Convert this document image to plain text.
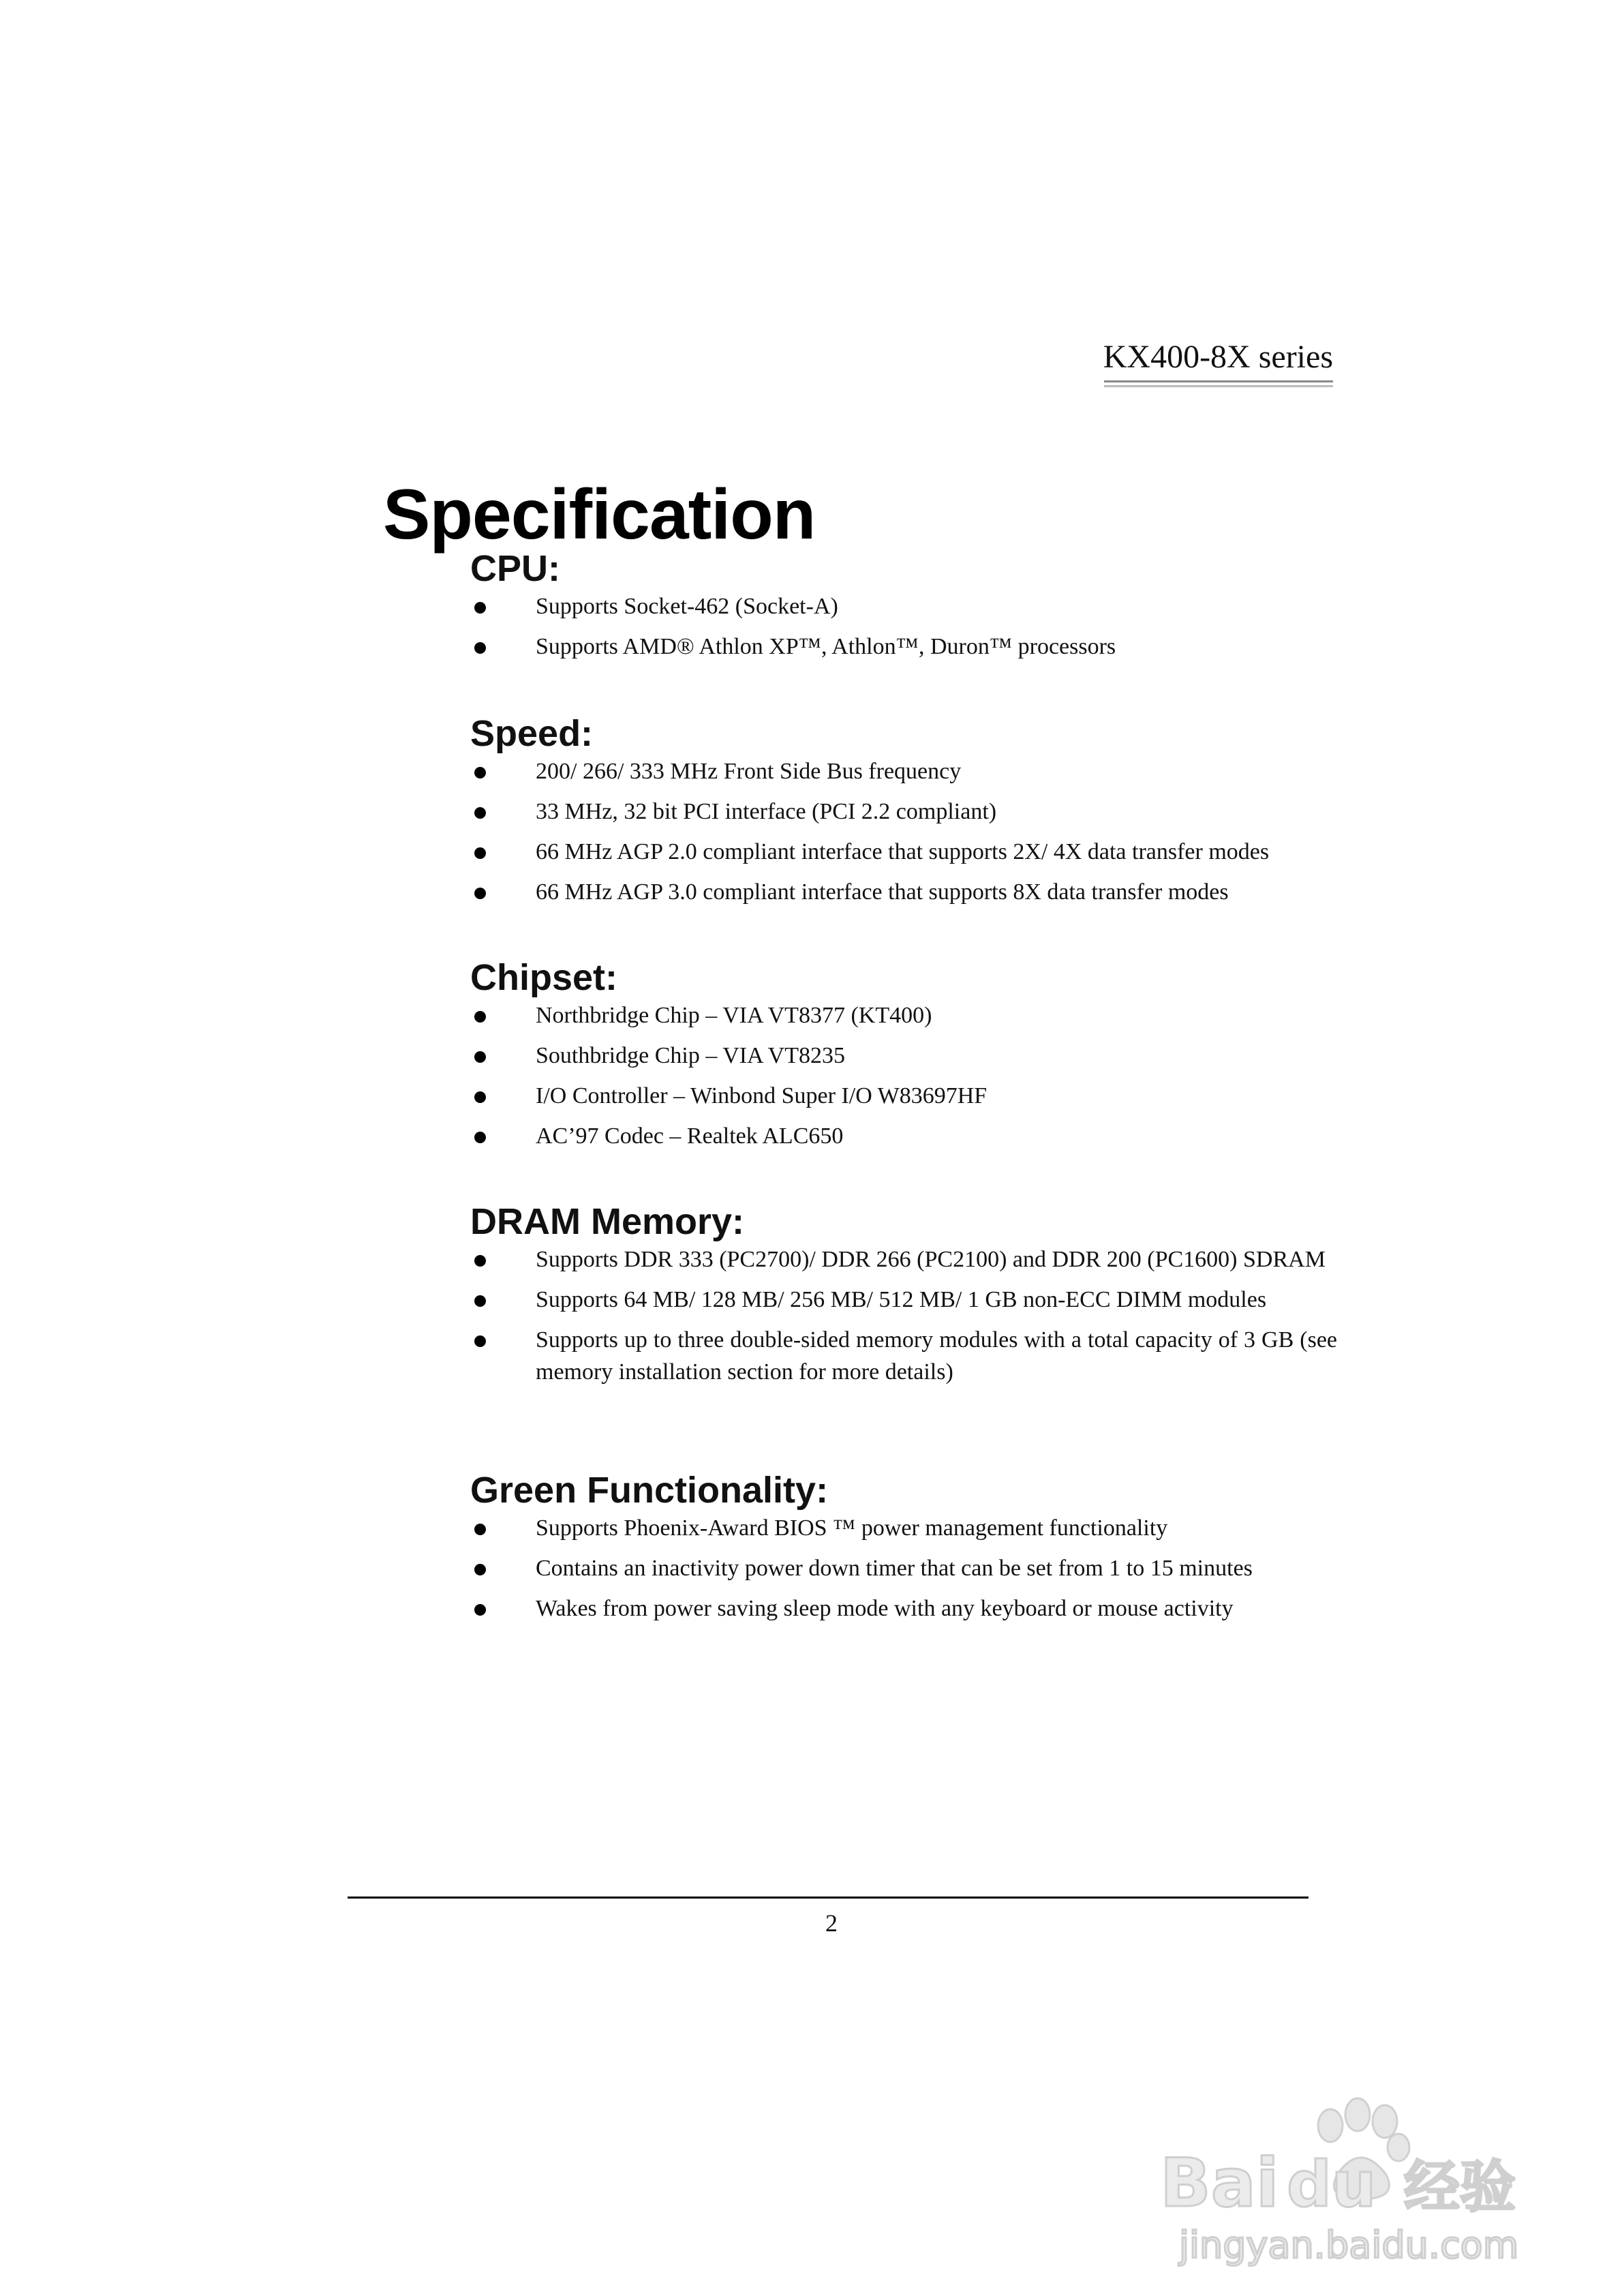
KX400-8X series
Specification
CPU:
Supports Socket-462 (Socket-A)
Supports AMD® Athlon XP™, Athlon™, Duron™ processors
Speed:
200/ 266/ 333 MHz Front Side Bus frequency
33 MHz, 32 bit PCI interface (PCI 2.2 compliant)
66 MHz AGP 2.0 compliant interface that supports 2X/ 4X data transfer modes
66 MHz AGP 3.0 compliant interface that supports 8X data transfer modes
Chipset:
Northbridge Chip – VIA VT8377 (KT400)
Southbridge Chip – VIA VT8235
I/O Controller – Winbond Super I/O W83697HF
AC’97 Codec – Realtek ALC650
DRAM Memory:
Supports DDR 333 (PC2700)/ DDR 266 (PC2100) and DDR 200 (PC1600) SDRAM
Supports 64 MB/ 128 MB/ 256 MB/ 512 MB/ 1 GB non-ECC DIMM modules
Supports up to three double-sided memory modules with a total capacity of 3 GB (see memory installation section for more details)
Green Functionality:
Supports Phoenix-Award BIOS ™ power management functionality
Contains an inactivity power down timer that can be set from 1 to 15 minutes
Wakes from power saving sleep mode with any keyboard or mouse activity
2
Bai du 经验
jingyan.baidu.com
